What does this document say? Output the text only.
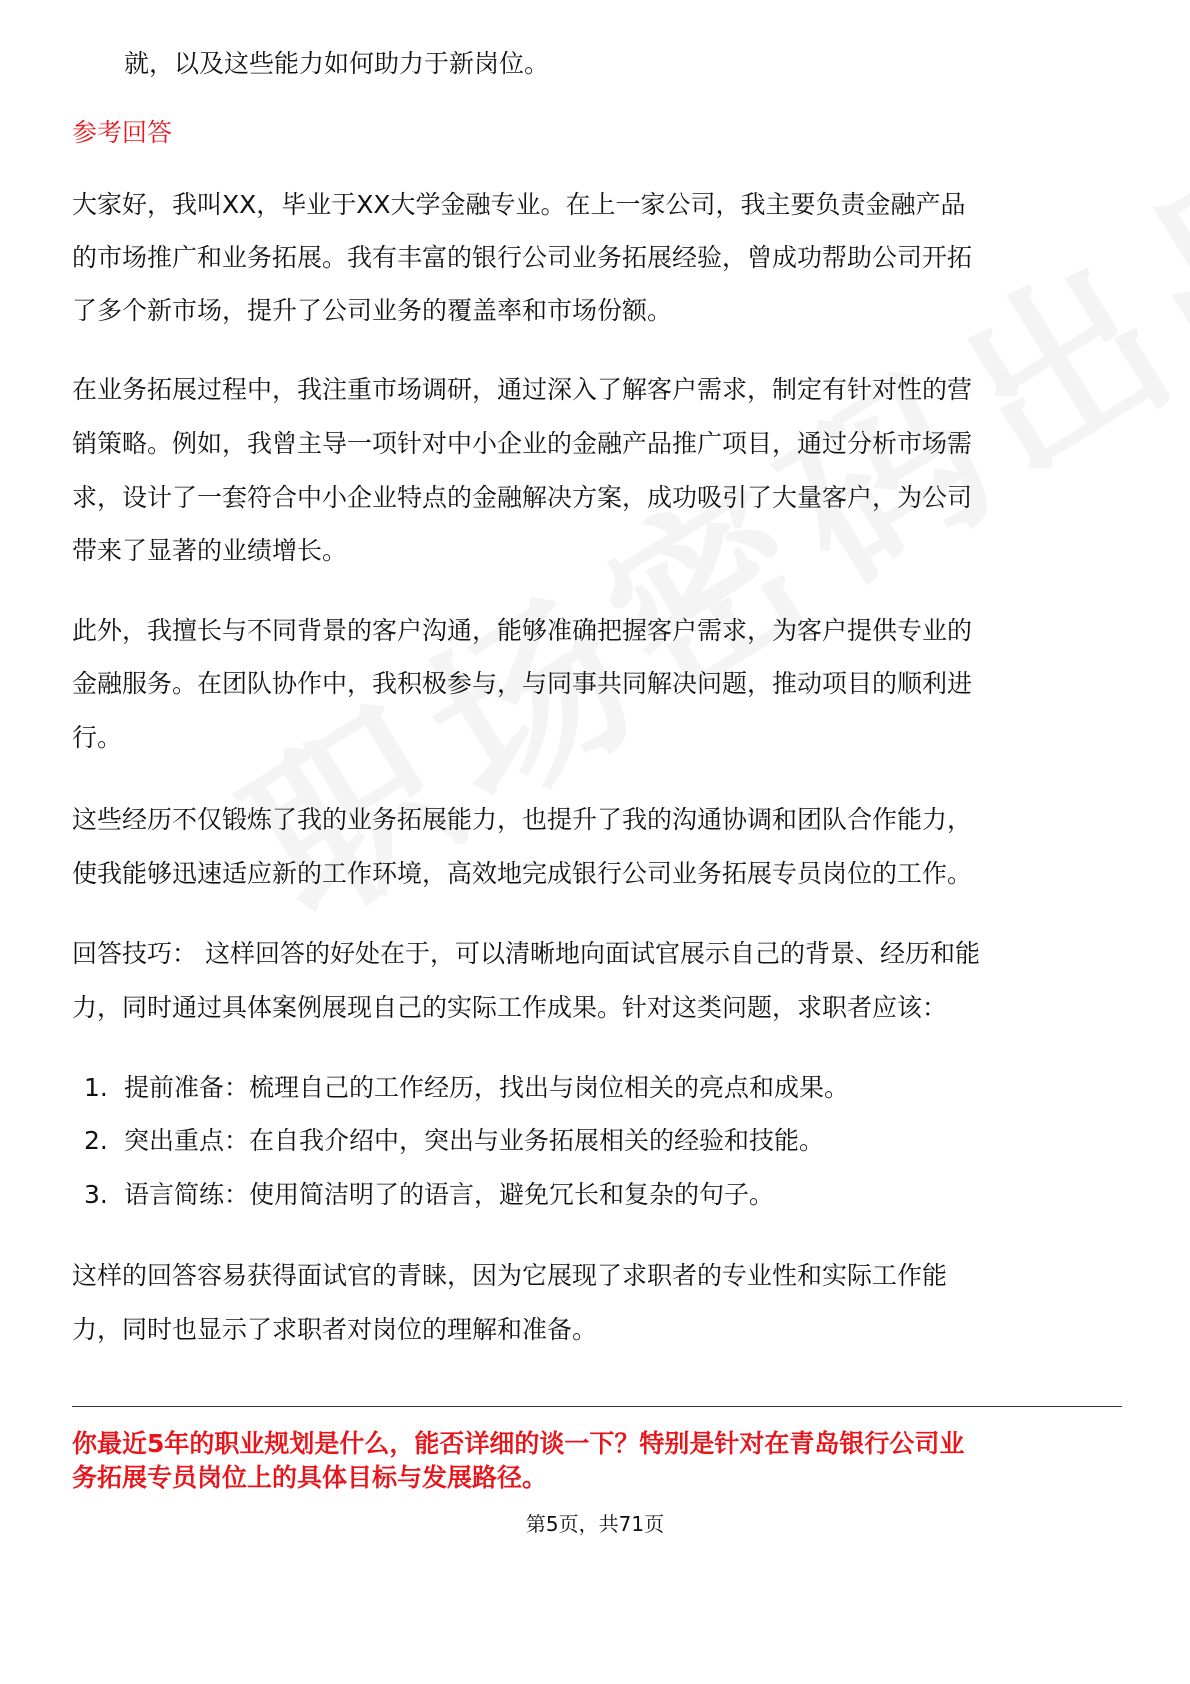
就，以及这些能力如何助力于新岗位。
参考回答
大家好，我叫XX，毕业于XX大学金融专业。在上一家公司，我主要负责金融产品
的市场推广和业务拓展。我有丰富的银行公司业务拓展经验，曾成功帮助公司开拓
了多个新市场，提升了公司业务的覆盖率和市场份额。
在业务拓展过程中，我注重市场调研，通过深入了解客户需求，制定有针对性的营
销策略。例如，我曾主导一项针对中小企业的金融产品推广项目，通过分析市场需
求，设计了一套符合中小企业特点的金融解决方案，成功吸引了大量客户，为公司
带来了显著的业绩增长。
此外，我擅长与不同背景的客户沟通，能够准确把握客户需求，为客户提供专业的
金融服务。在团队协作中，我积极参与，与同事共同解决问题，推动项目的顺利进
行。
这些经历不仅锻炼了我的业务拓展能力，也提升了我的沟通协调和团队合作能力，
使我能够迅速适应新的工作环境，高效地完成银行公司业务拓展专员岗位的工作。
回答技巧： 这样回答的好处在于，可以清晰地向面试官展示自己的背景、经历和能
力，同时通过具体案例展现自己的实际工作成果。针对这类问题，求职者应该：
1. 提前准备：梳理自己的工作经历，找出与岗位相关的亮点和成果。
2. 突出重点：在自我介绍中，突出与业务拓展相关的经验和技能。
3. 语言简练：使用简洁明了的语言，避免冗长和复杂的句子。
这样的回答容易获得面试官的青睐，因为它展现了求职者的专业性和实际工作能
力，同时也显示了求职者对岗位的理解和准备。
你最近5年的职业规划是什么，能否详细的谈一下？特别是针对在青岛银行公司业
务拓展专员岗位上的具体目标与发展路径。
第5页，共71页
